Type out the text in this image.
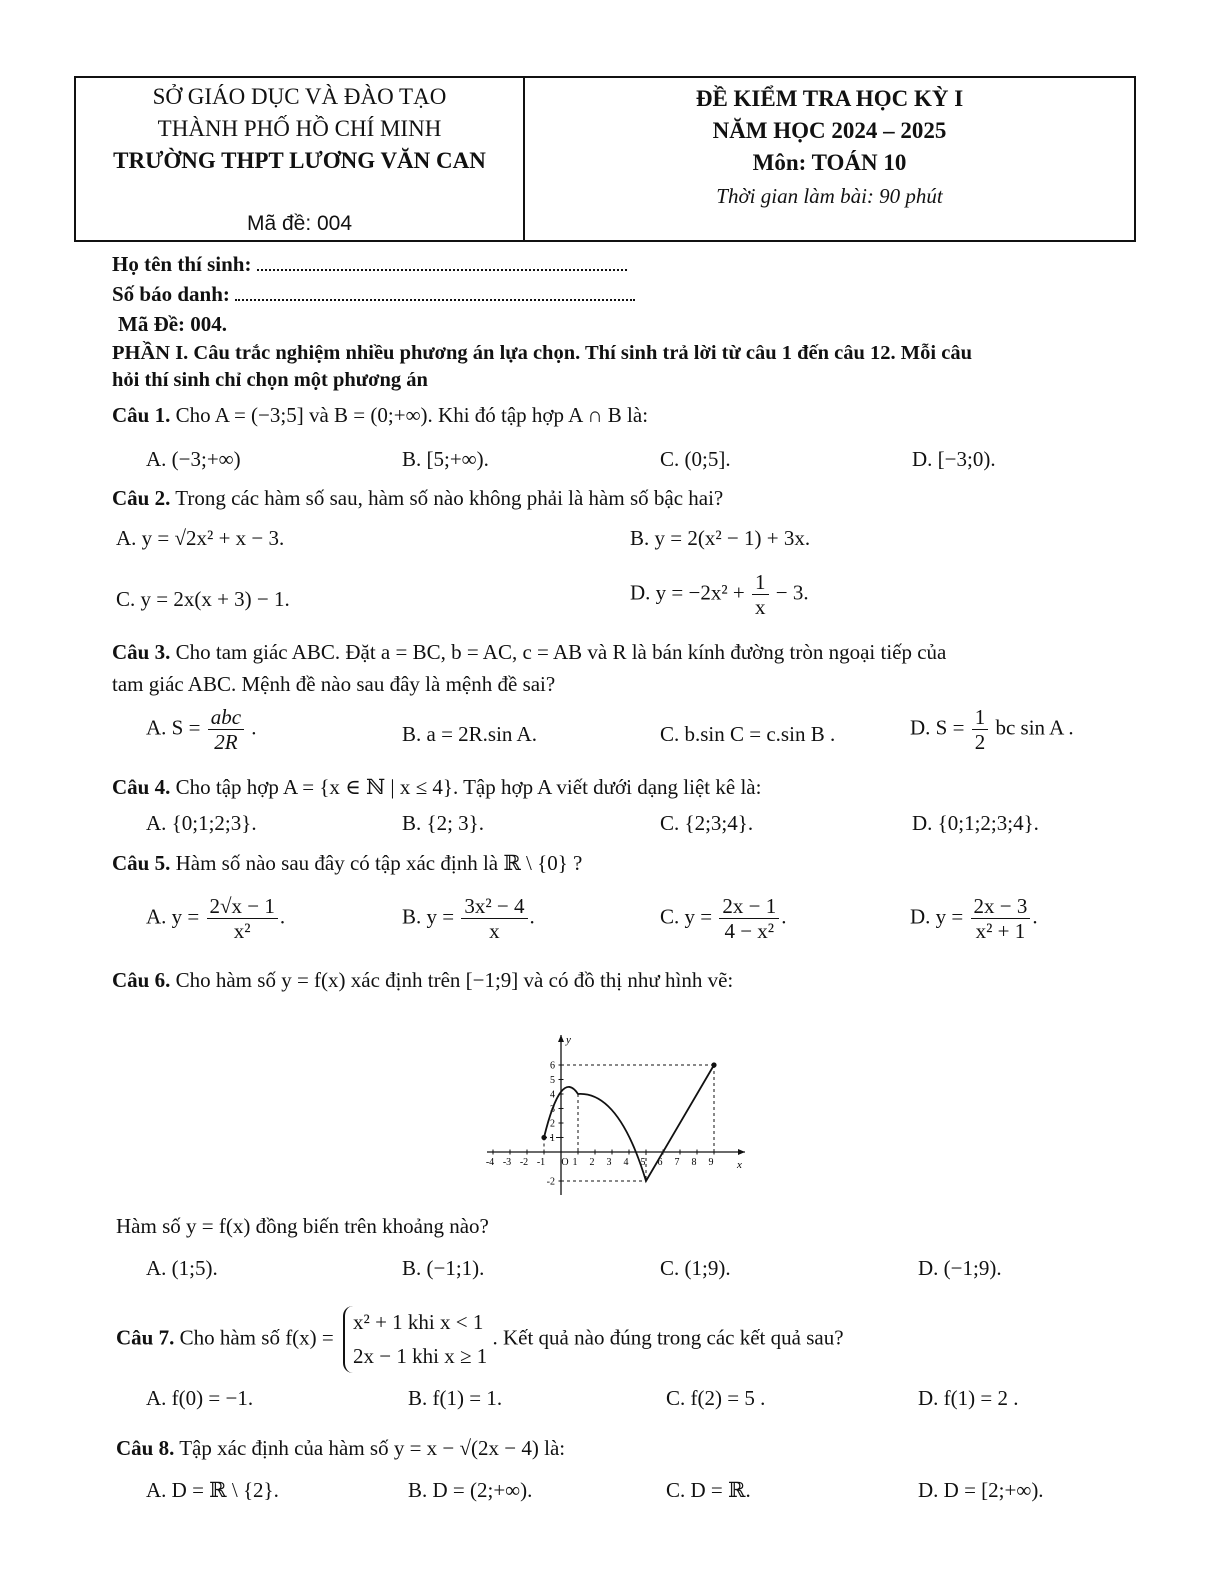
SỞ GIÁO DỤC VÀ ĐÀO TẠO
THÀNH PHỐ HỒ CHÍ MINH
TRƯỜNG THPT LƯƠNG VĂN CAN
Mã đề: 004
ĐỀ KIỂM TRA HỌC KỲ I
NĂM HỌC 2024 – 2025
Môn: TOÁN 10
Thời gian làm bài: 90 phút
Họ tên thí sinh:
Số báo danh:
Mã Đề: 004.
PHẦN I. Câu trắc nghiệm nhiều phương án lựa chọn. Thí sinh trả lời từ câu 1 đến câu 12. Mỗi câu
hỏi thí sinh chỉ chọn một phương án
Câu 1. Cho A = (−3;5] và B = (0;+∞). Khi đó tập hợp A ∩ B là:
A. (−3;+∞)	B. [5;+∞).	C. (0;5].	D. [−3;0).
Câu 2. Trong các hàm số sau, hàm số nào không phải là hàm số bậc hai?
A. y = √2x² + x − 3.	B. y = 2(x² − 1) + 3x.
C. y = 2x(x + 3) − 1.	D. $y = -2x^2 + \frac{1}{x} - 3$.
Câu 3. Cho tam giác ABC. Đặt a = BC, b = AC, c = AB và R là bán kính đường tròn ngoại tiếp của
tam giác ABC. Mệnh đề nào sau đây là mệnh đề sai?
A. $S = \frac{\text{abc}}{2R}$ .	B. a = 2R.sin A.	C. b.sin C = c.sin B .	D. $S = \frac{1}{2}$ bc sin A .
Câu 4. Cho tập hợp A = {x ∈ ℕ | x ≤ 4}. Tập hợp A viết dưới dạng liệt kê là:
A. {0;1;2;3}.	B. {2; 3}.	C. {2;3;4}.	D. {0;1;2;3;4}.
Câu 5. Hàm số nào sau đây có tập xác định là ℝ \ {0} ?
A. $y = \frac{2√x - 1}{\text{x²}}$ .	B. $y = \frac{\text{3x² − 4}}{x}$ .	C. $y = \frac{2x - 1}{\text{4 − x²}}$ .	D. $y = \frac{2x - 3}{\text{x² + 1}}$ .
Câu 6. Cho hàm số y = f(x) xác định trên [−1;9] và có đồ thị như hình vẽ:
x
y
-4 -3 -2 -1 O 1 2 3 4 5 6 7 8 9
-2
1
2
3
4
5
6
Hàm số y = f(x) đồng biến trên khoảng nào?
A. (1;5).	B. (−1;1).	C. (1;9).	D. (−1;9).
Câu 7. Cho hàm số f(x) =
x² + 1 khi x < 1
2x − 1 khi x ≥ 1
. Kết quả nào đúng trong các kết quả sau?
A. f(0) = −1.	B. f(1) = 1.	C. f(2) = 5 .	D. f(1) = 2 .
Câu 8. Tập xác định của hàm số y = x − √(2x − 4) là:
A. D = ℝ \ {2}.	B. D = (2;+∞).	C. D = ℝ.	D. D = [2;+∞).
